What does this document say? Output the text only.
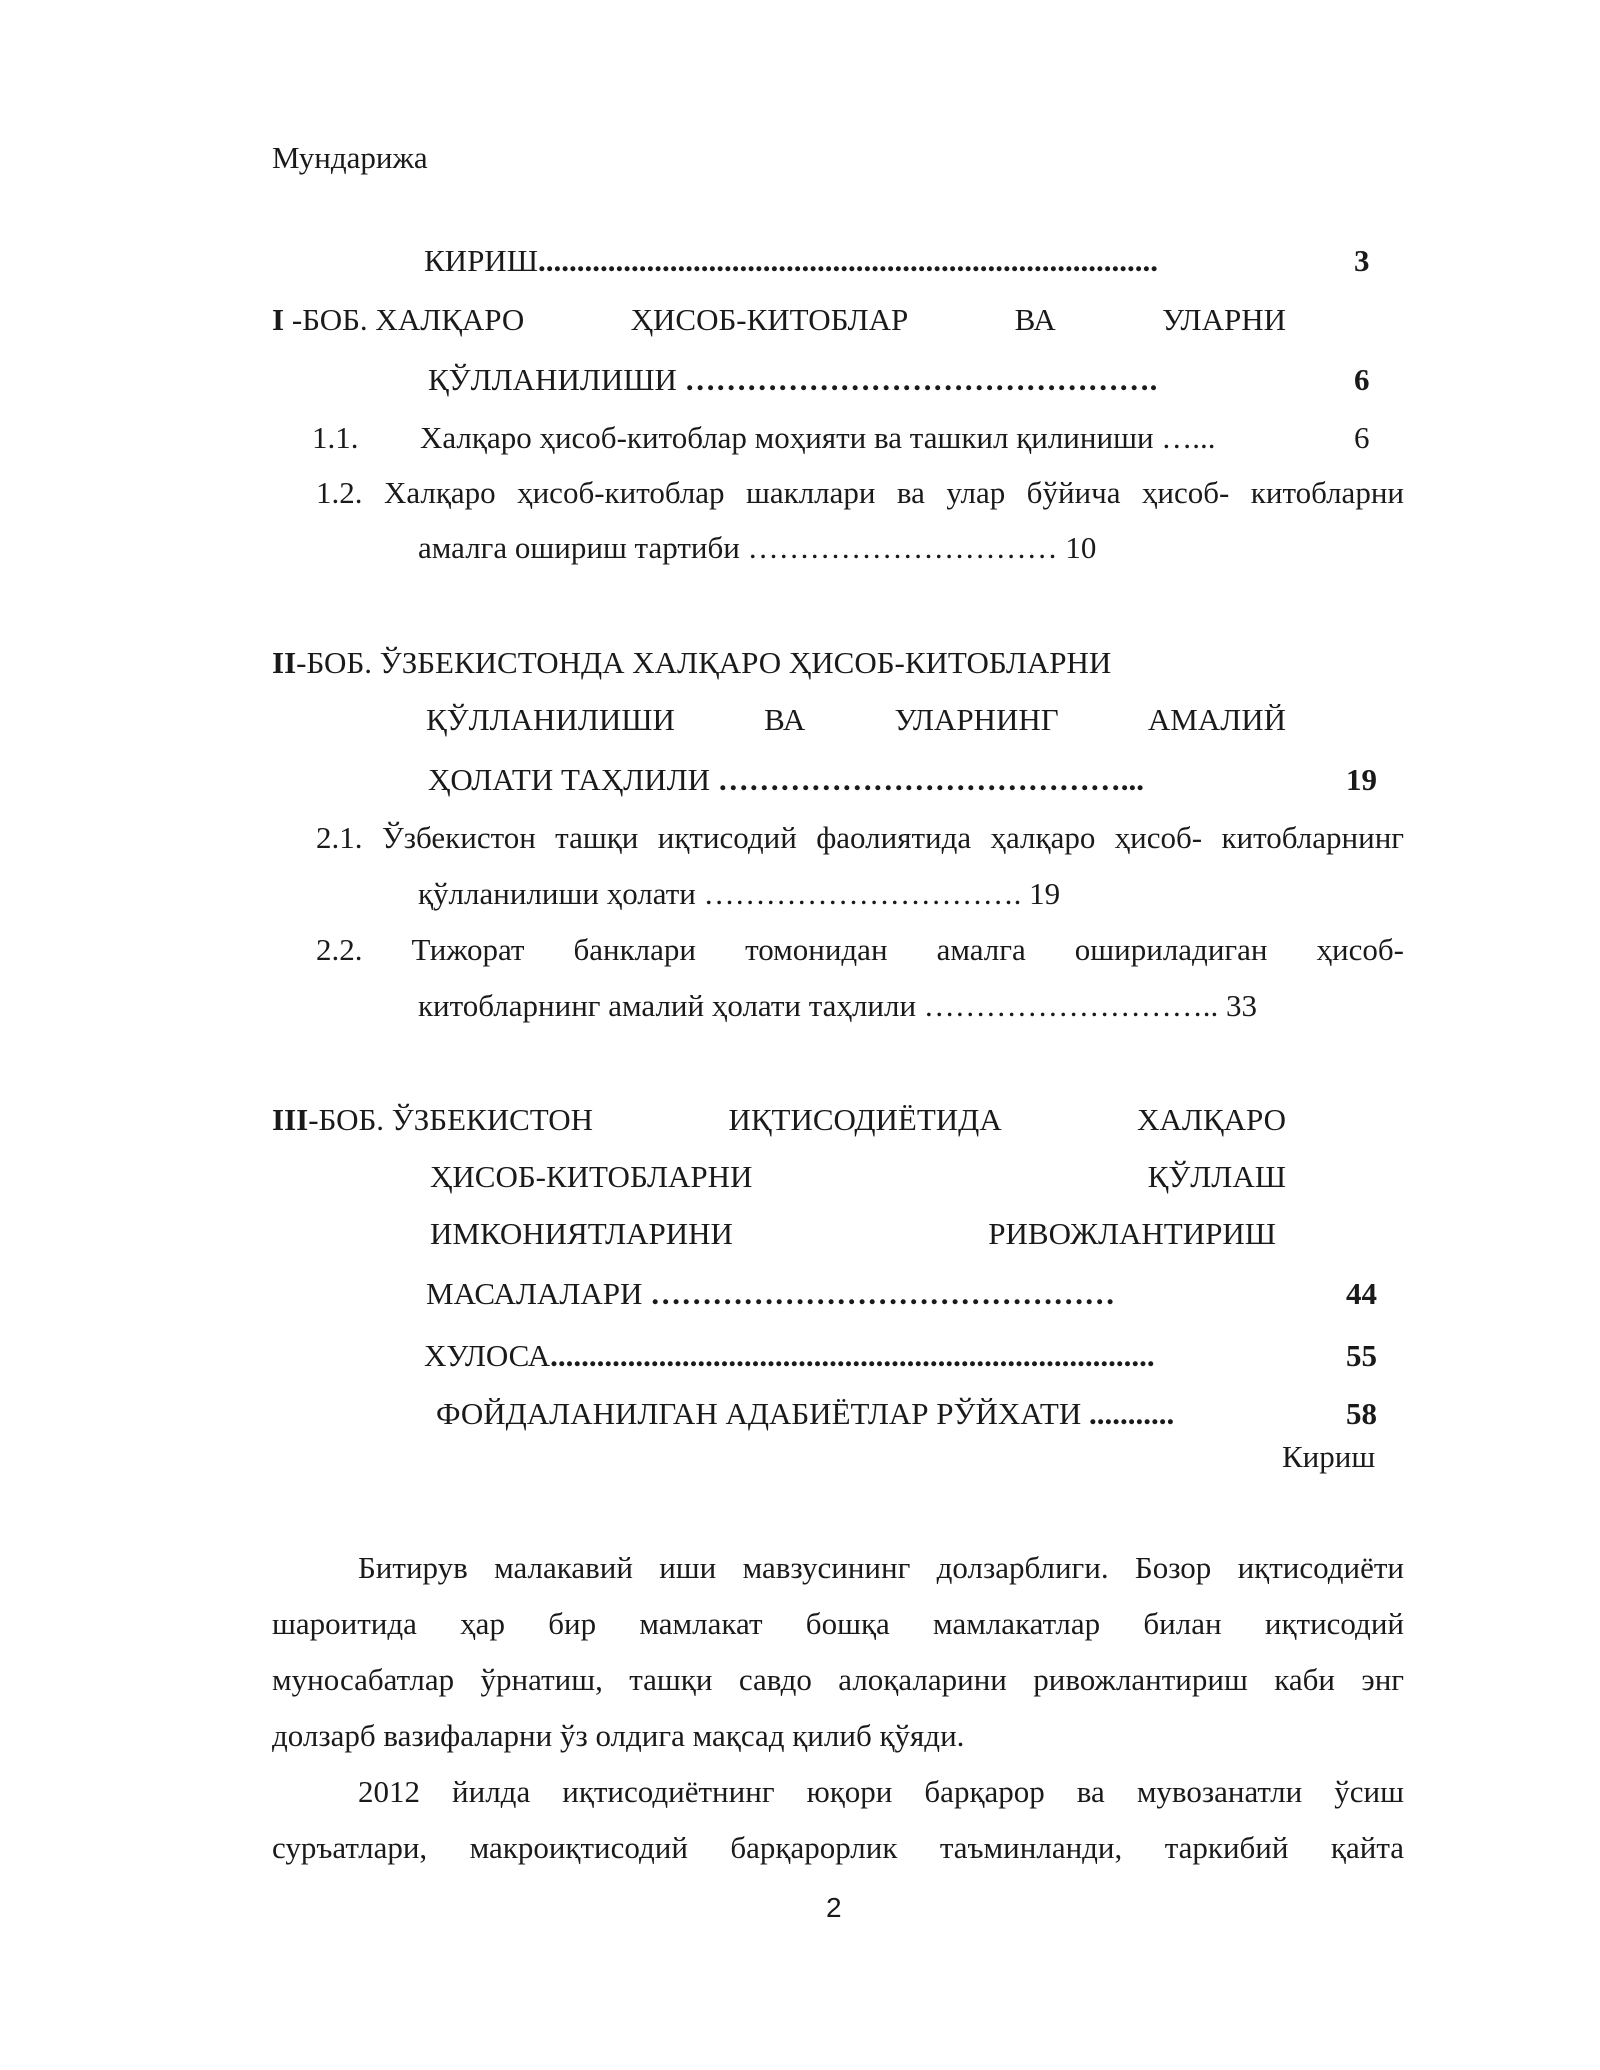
Мундарижа
КИРИШ................................................................................	3
I -БОБ. ХАЛҚАРО	ҲИСОБ-КИТОБЛАР	ВА	УЛАРНИ
ҚЎЛЛАНИЛИШИ ……………………………………….	6
1.1. Халқаро ҳисоб-китоблар моҳияти ва ташкил қилиниши …...	6
1.2. Халқаро ҳисоб-китоблар шакллари ва улар бўйича ҳисоб- китобларни
амалга ошириш тартиби ………………………… 10
II-БОБ. ЎЗБЕКИСТОНДА ХАЛҚАРО ҲИСОБ-КИТОБЛАРНИ
ҚЎЛЛАНИЛИШИ	ВА	УЛАРНИНГ	АМАЛИЙ
ҲОЛАТИ ТАҲЛИЛИ …………………………………...	19
2.1. Ўзбекистон ташқи иқтисодий фаолиятида ҳалқаро ҳисоб- китобларнинг
қўлланилиши ҳолати …………………………. 19
2.2. Тижорат банклари томонидан амалга ошириладиган ҳисоб-
китобларнинг амалий ҳолати таҳлили ……………………….. 33
III-БОБ. ЎЗБЕКИСТОН	ИҚТИСОДИЁТИДА	ХАЛҚАРО
ҲИСОБ-КИТОБЛАРНИ	ҚЎЛЛАШ
ИМКОНИЯТЛАРИНИ	РИВОЖЛАНТИРИШ
МАСАЛАЛАРИ ………………………………………	44
ХУЛОСА..............................................................................	55
ФОЙДАЛАНИЛГАН АДАБИЁТЛАР РЎЙХАТИ ...........	58
Кириш
Битирув малакавий иши мавзусининг долзарблиги. Бозор иқтисодиёти
шароитида ҳар бир мамлакат бошқа мамлакатлар билан иқтисодий
муносабатлар ўрнатиш, ташқи савдо алоқаларини ривожлантириш каби энг
долзарб вазифаларни ўз олдига мақсад қилиб қўяди.
2012 йилда иқтисодиётнинг юқори барқарор ва мувозанатли ўсиш
суръатлари, макроиқтисодий барқарорлик таъминланди, таркибий қайта
2
